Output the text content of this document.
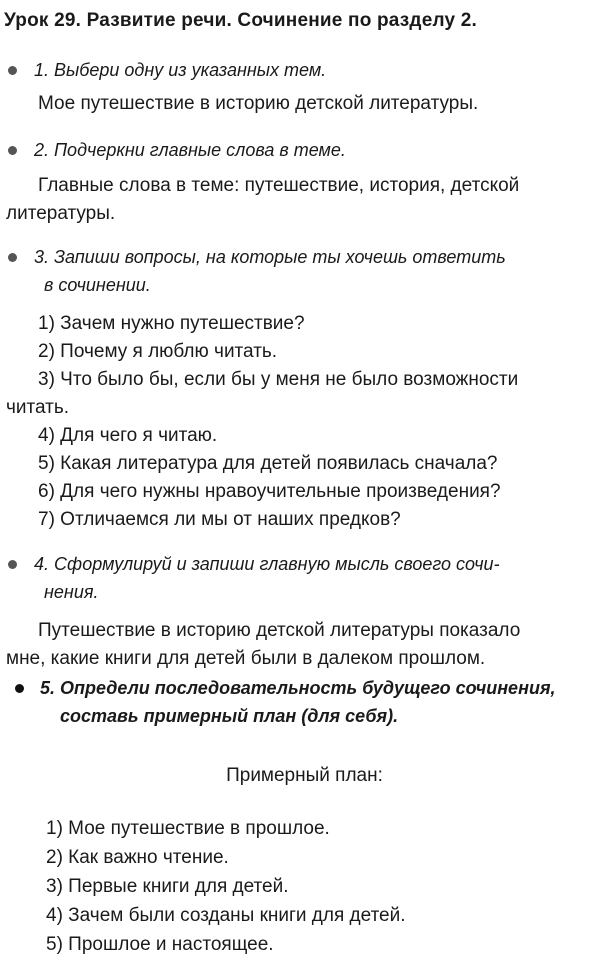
Урок 29. Развитие речи. Сочинение по разделу 2.
1. Выбери одну из указанных тем.
Мое путешествие в историю детской литературы.
2. Подчеркни главные слова в теме.
Главные слова в теме: путешествие, история, детской
литературы.
3. Запиши вопросы, на которые ты хочешь ответить
в сочинении.
1) Зачем нужно путешествие?
2) Почему я люблю читать.
3) Что было бы, если бы у меня не было возможности
читать.
4) Для чего я читаю.
5) Какая литература для детей появилась сначала?
6) Для чего нужны нравоучительные произведения?
7) Отличаемся ли мы от наших предков?
4. Сформулируй и запиши главную мысль своего сочи-
нения.
Путешествие в историю детской литературы показало
мне, какие книги для детей были в далеком прошлом.
5. Определи последовательность будущего сочинения,
составь примерный план (для себя).
Примерный план:
1) Мое путешествие в прошлое.
2) Как важно чтение.
3) Первые книги для детей.
4) Зачем были созданы книги для детей.
5) Прошлое и настоящее.
